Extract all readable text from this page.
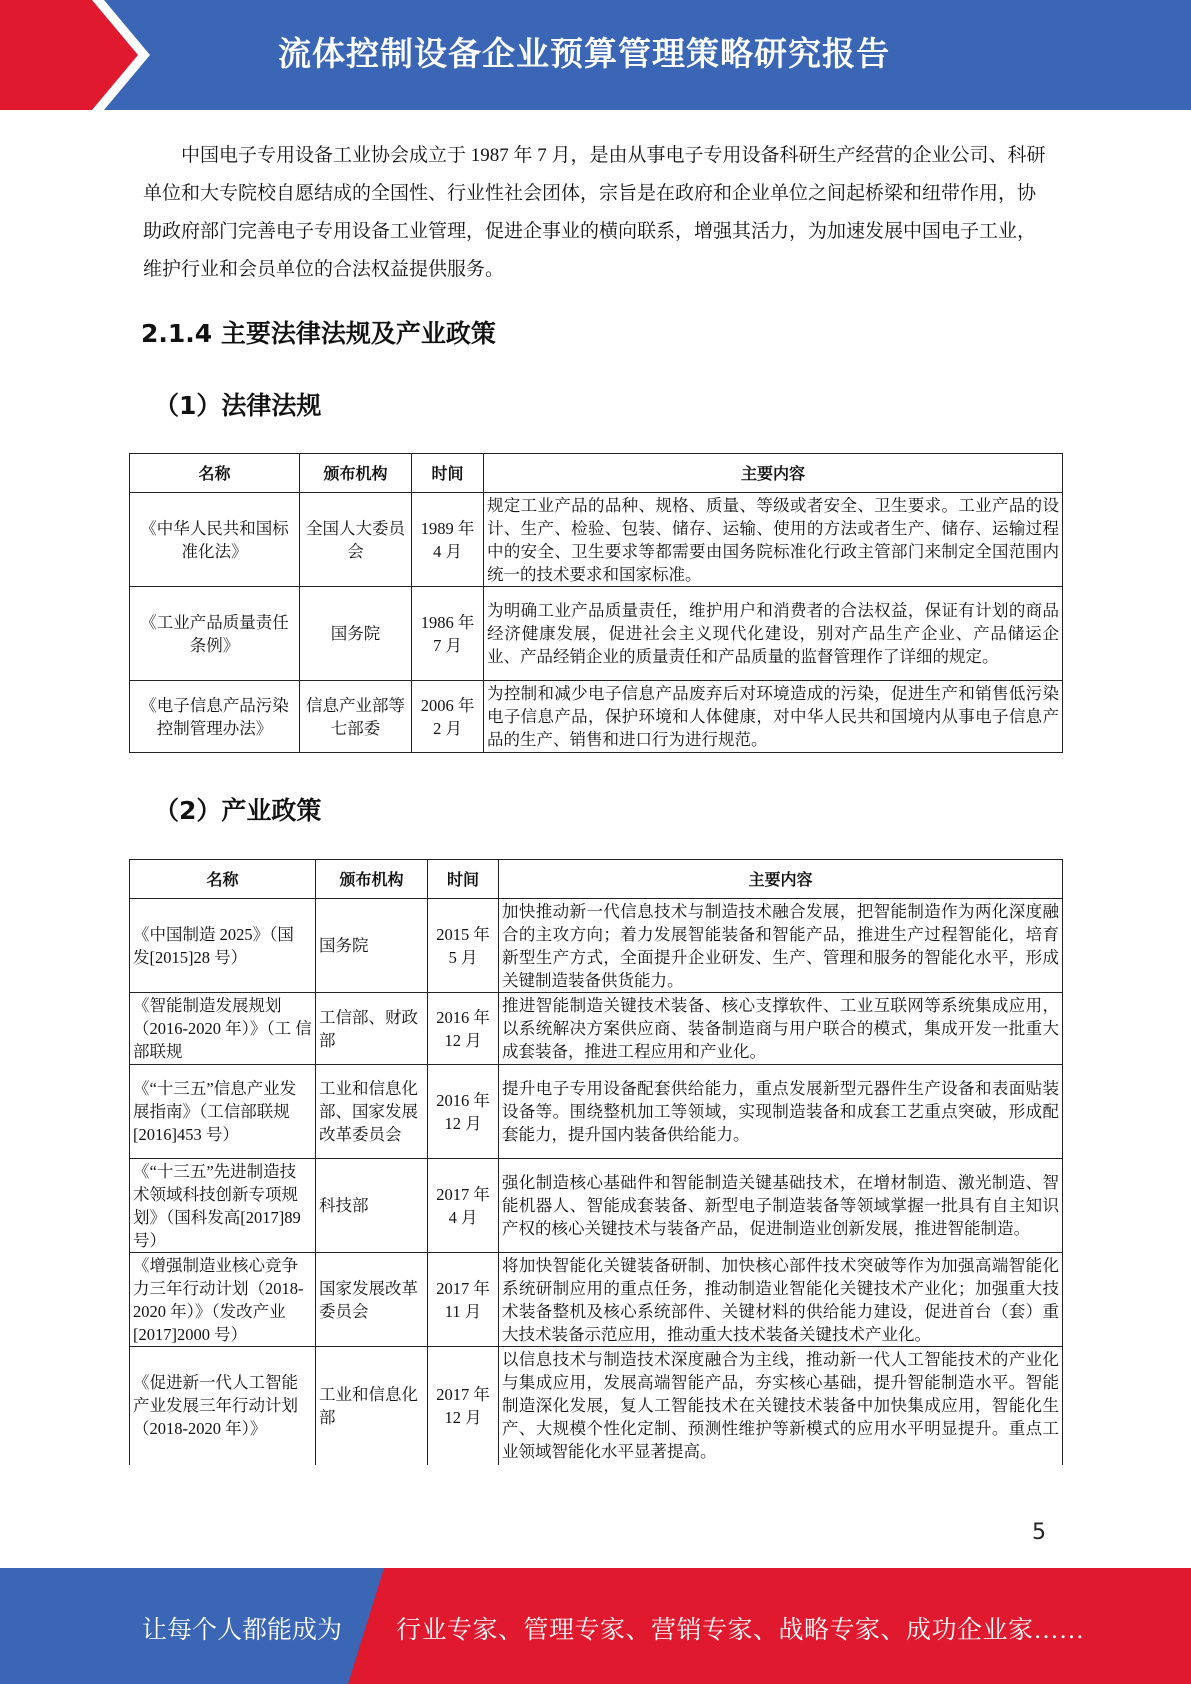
流体控制设备企业预算管理策略研究报告

中国电子专用设备工业协会成立于 1987 年 7 月，是由从事电子专用设备科研生产经营的企业公司、科研单位和大专院校自愿结成的全国性、行业性社会团体，宗旨是在政府和企业单位之间起桥梁和纽带作用，协助政府部门完善电子专用设备工业管理，促进企事业的横向联系，增强其活力，为加速发展中国电子工业，维护行业和会员单位的合法权益提供服务。

2.1.4 主要法律法规及产业政策
（1）法律法规
名称	颁布机构	时间	主要内容
《中华人民共和国标准化法》	全国人大委员会	1989 年 4 月	规定工业产品的品种、规格、质量、等级或者安全、卫生要求。工业产品的设计、生产、检验、包装、储存、运输、使用的方法或者生产、储存、运输过程中的安全、卫生要求等都需要由国务院标准化行政主管部门来制定全国范围内统一的技术要求和国家标准。
《工业产品质量责任条例》	国务院	1986 年 7 月	为明确工业产品质量责任，维护用户和消费者的合法权益，保证有计划的商品经济健康发展，促进社会主义现代化建设，别对产品生产企业、产品储运企业、产品经销企业的质量责任和产品质量的监督管理作了详细的规定。
《电子信息产品污染控制管理办法》	信息产业部等七部委	2006 年 2 月	为控制和减少电子信息产品废弃后对环境造成的污染，促进生产和销售低污染电子信息产品，保护环境和人体健康，对中华人民共和国境内从事电子信息产品的生产、销售和进口行为进行规范。
（2）产业政策
名称	颁布机构	时间	主要内容
《中国制造 2025》（国 发[2015]28 号）	国务院	2015 年 5 月	加快推动新一代信息技术与制造技术融合发展，把智能制造作为两化深度融合的主攻方向；着力发展智能装备和智能产品，推进生产过程智能化，培育新型生产方式，全面提升企业研发、生产、管理和服务的智能化水平，形成关键制造装备供货能力。
《智能制造发展规划（2016-2020 年）》（工 信部联规	工信部、财政部	2016 年 12 月	推进智能制造关键技术装备、核心支撑软件、工业互联网等系统集成应用，以系统解决方案供应商、装备制造商与用户联合的模式，集成开发一批重大成套装备，推进工程应用和产业化。
《“十三五”信息产业发展指南》（工信部联规[2016]453 号）	工业和信息化部、国家发展改革委员会	2016 年 12 月	提升电子专用设备配套供给能力，重点发展新型元器件生产设备和表面贴装设备等。围绕整机加工等领域，实现制造装备和成套工艺重点突破，形成配套能力，提升国内装备供给能力。
《“十三五”先进制造技术领域科技创新专项规划》（国科发高[2017]89 号）	科技部	2017 年 4 月	强化制造核心基础件和智能制造关键基础技术，在增材制造、激光制造、智能机器人、智能成套装备、新型电子制造装备等领域掌握一批具有自主知识产权的核心关键技术与装备产品，促进制造业创新发展，推进智能制造。
《增强制造业核心竞争力三年行动计划（2018-2020 年）》（发改产业[2017]2000 号）	国家发展改革委员会	2017 年 11 月	将加快智能化关键装备研制、加快核心部件技术突破等作为加强高端智能化系统研制应用的重点任务，推动制造业智能化关键技术产业化；加强重大技术装备整机及核心系统部件、关键材料的供给能力建设，促进首台（套）重大技术装备示范应用，推动重大技术装备关键技术产业化。
《促进新一代人工智能产业发展三年行动计划（2018-2020 年）》	工业和信息化部	2017 年 12 月	以信息技术与制造技术深度融合为主线，推动新一代人工智能技术的产业化与集成应用，发展高端智能产品，夯实核心基础，提升智能制造水平。智能制造深化发展，复人工智能技术在关键技术装备中加快集成应用，智能化生产、大规模个性化定制、预测性维护等新模式的应用水平明显提升。重点工业领域智能化水平显著提高。
5
让每个人都能成为 行业专家、管理专家、营销专家、战略专家、成功企业家……
